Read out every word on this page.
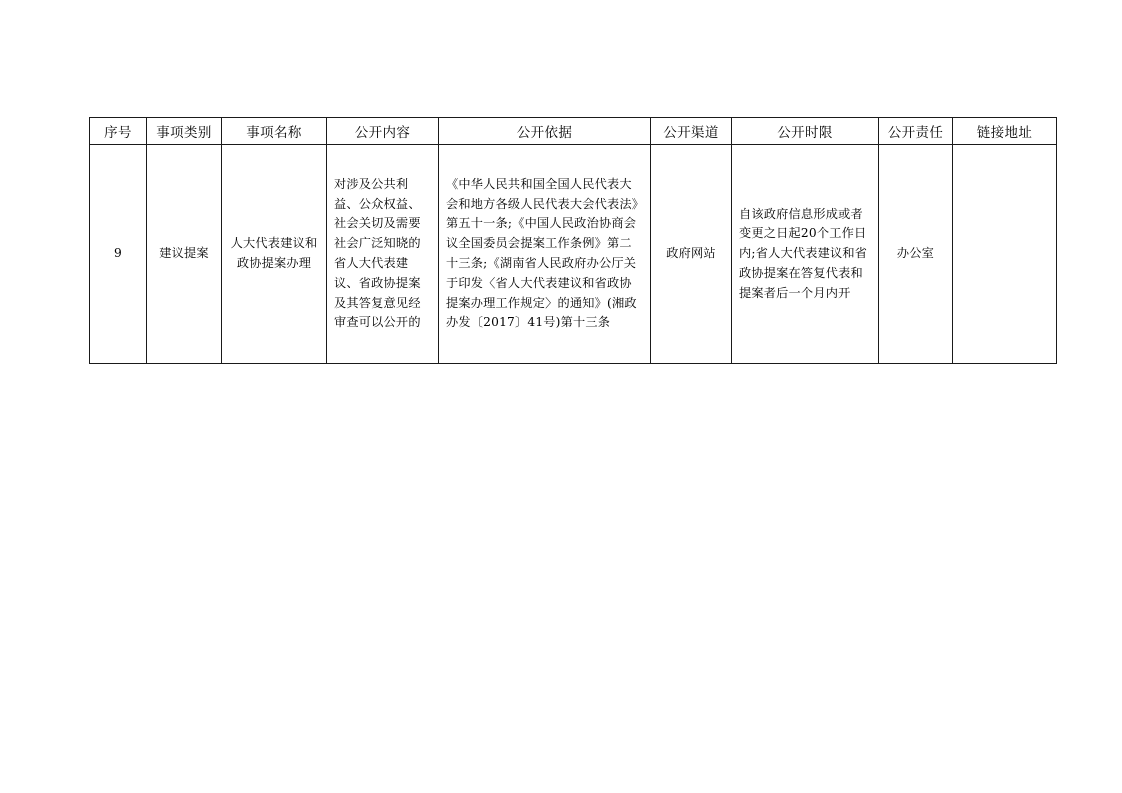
序号	事项类别	事项名称	公开内容	公开依据	公开渠道	公开时限	公开责任	链接地址

9	建议提案	人大代表建议和政协提案办理	对涉及公共利益、公众权益、社会关切及需要社会广泛知晓的省人大代表建议、省政协提案及其答复意见经审查可以公开的	《中华人民共和国全国人民代表大会和地方各级人民代表大会代表法》第五十一条;《中国人民政治协商会议全国委员会提案工作条例》第二十三条;《湖南省人民政府办公厅关于印发〈省人大代表建议和省政协提案办理工作规定〉的通知》(湘政办发〔2017〕41号)第十三条	政府网站	自该政府信息形成或者变更之日起20个工作日内;省人大代表建议和省政协提案在答复代表和提案者后一个月内开	办公室	
